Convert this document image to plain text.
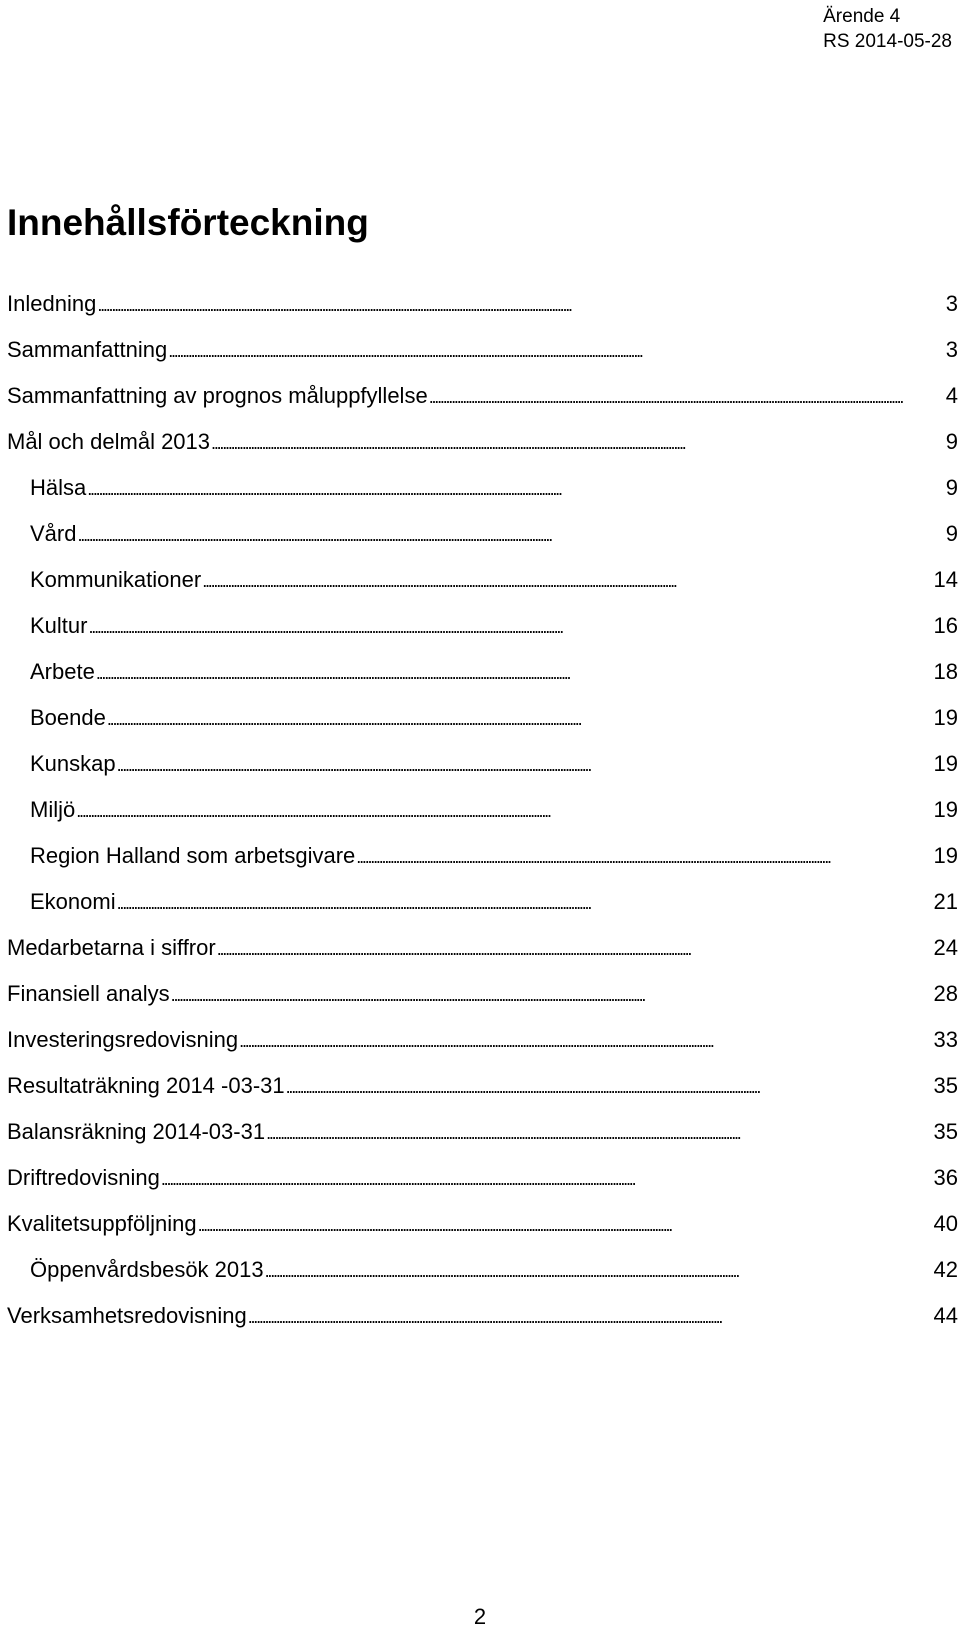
Ärende 4
RS 2014-05-28
Innehållsförteckning
Inledning . . .	3
Sammanfattning . . .	3
Sammanfattning av prognos måluppfyllelse . . .	4
Mål och delmål 2013 . . .	9
Hälsa . . .	9
Vård . . .	9
Kommunikationer . . .	14
Kultur . . .	16
Arbete . . .	18
Boende . . .	19
Kunskap . . .	19
Miljö . . .	19
Region Halland som arbetsgivare . . .	19
Ekonomi . . .	21
Medarbetarna i siffror . . .	24
Finansiell analys . . .	28
Investeringsredovisning . . .	33
Resultaträkning 2014 -03-31 . . .	35
Balansräkning 2014-03-31 . . .	35
Driftredovisning . . .	36
Kvalitetsuppföljning . . .	40
Öppenvårdsbesök 2013 . . .	42
Verksamhetsredovisning . . .	44
2
